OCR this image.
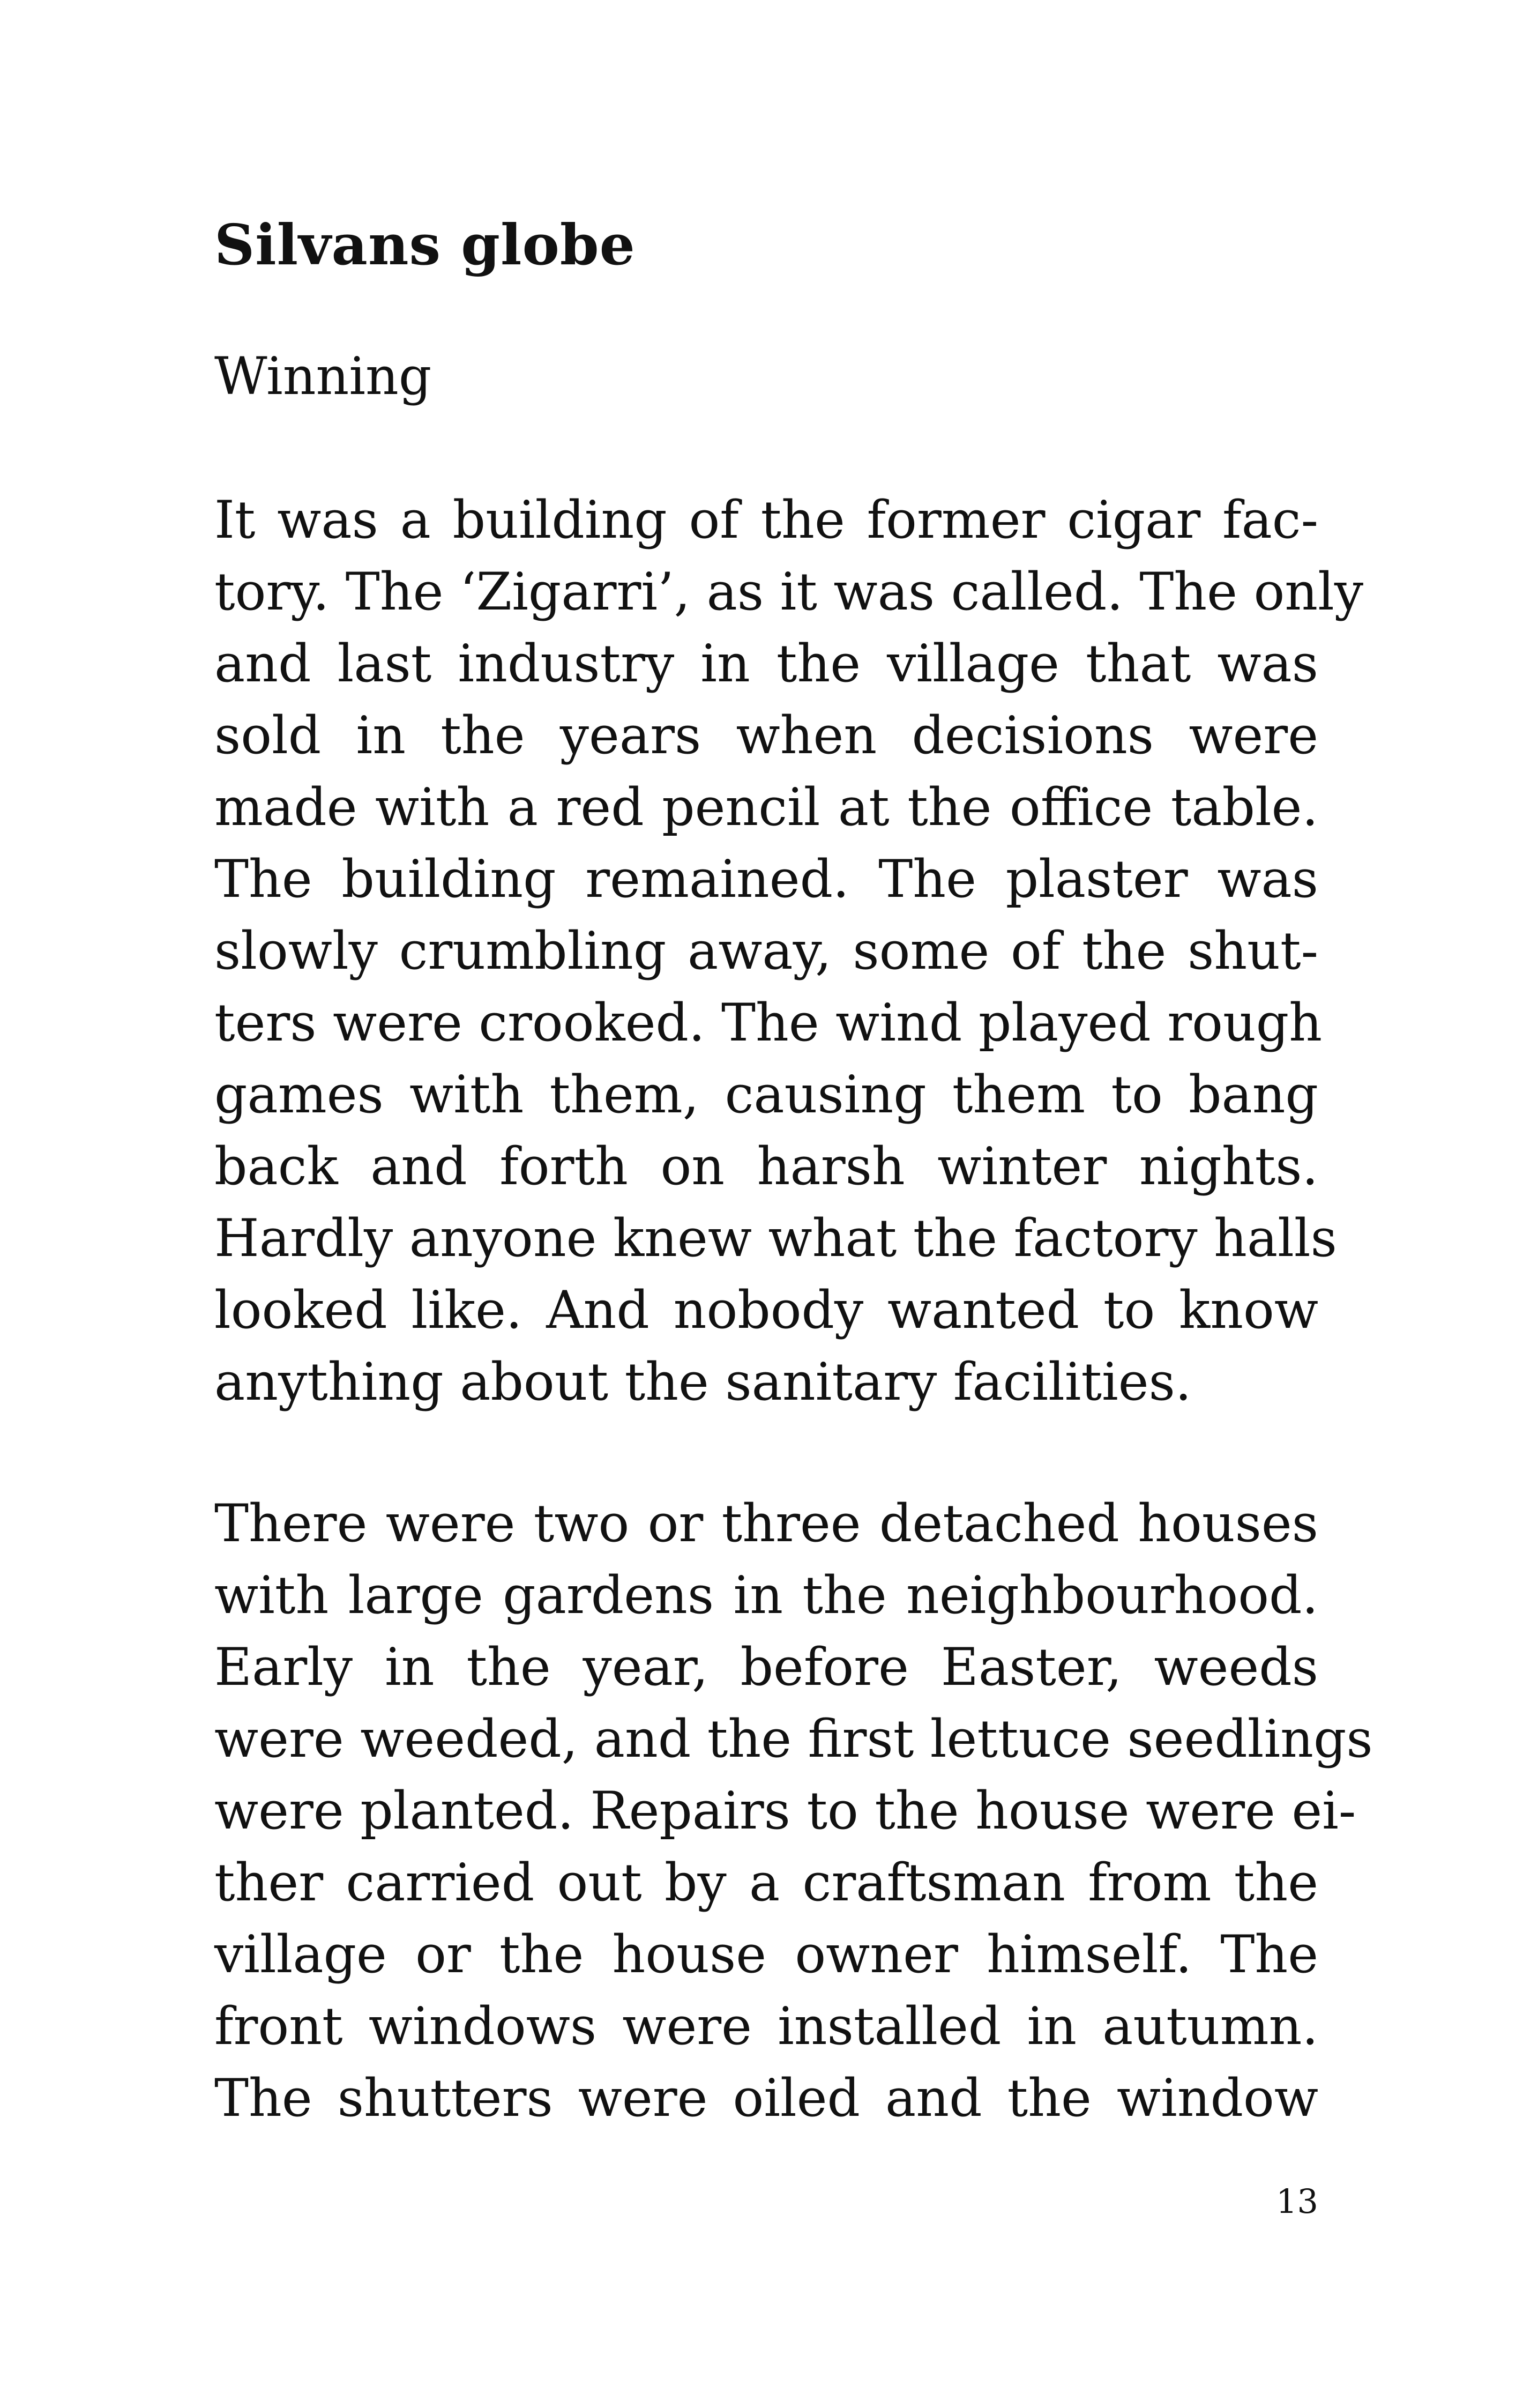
Silvans globe

Winning

It was a building of the former cigar fac-
tory. The ‘Zigarri’, as it was called. The only
and last industry in the village that was
sold in the years when decisions were
made with a red pencil at the office table.
The building remained. The plaster was
slowly crumbling away, some of the shut-
ters were crooked. The wind played rough
games with them, causing them to bang
back and forth on harsh winter nights.
Hardly anyone knew what the factory halls
looked like. And nobody wanted to know
anything about the sanitary facilities.
There were two or three detached houses
with large gardens in the neighbourhood.
Early in the year, before Easter, weeds
were weeded, and the first lettuce seedlings
were planted. Repairs to the house were ei-
ther carried out by a craftsman from the
village or the house owner himself. The
front windows were installed in autumn.
The shutters were oiled and the window
13
